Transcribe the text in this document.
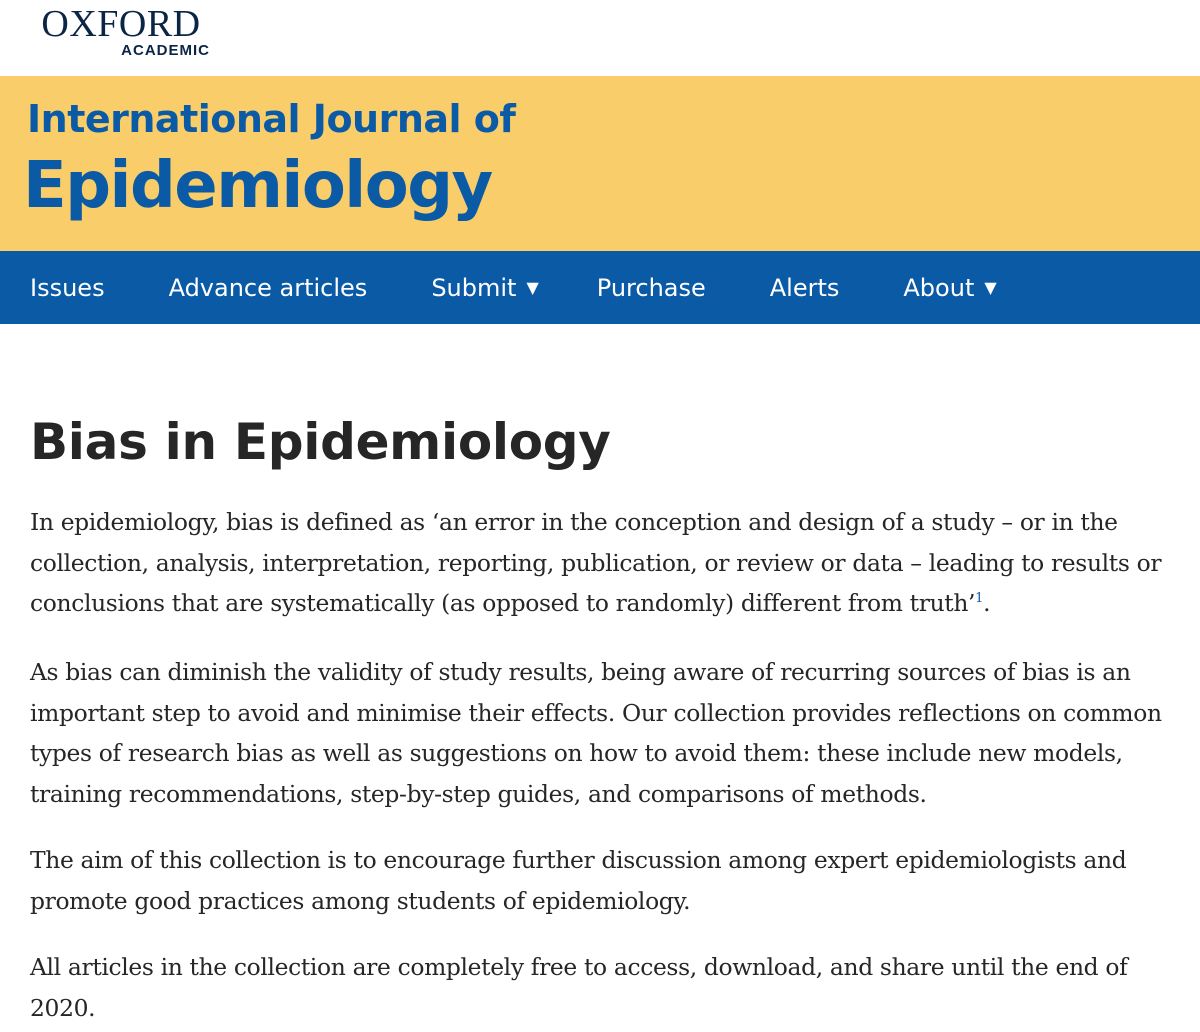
OXFORD
ACADEMIC
International Journal of
Epidemiology
Issues	Advance articles	Submit ▼ Purchase	Alerts	About ▼
Bias in Epidemiology

In epidemiology, bias is defined as ‘an error in the conception and design of a study – or in the collection, analysis, interpretation, reporting, publication, or review or data – leading to results or conclusions that are systematically (as opposed to randomly) different from truth’$^1$.

As bias can diminish the validity of study results, being aware of recurring sources of bias is an important step to avoid and minimise their effects. Our collection provides reflections on common types of research bias as well as suggestions on how to avoid them: these include new models, training recommendations, step-by-step guides, and comparisons of methods.

The aim of this collection is to encourage further discussion among expert epidemiologists and promote good practices among students of epidemiology.

All articles in the collection are completely free to access, download, and share until the end of 2020.
